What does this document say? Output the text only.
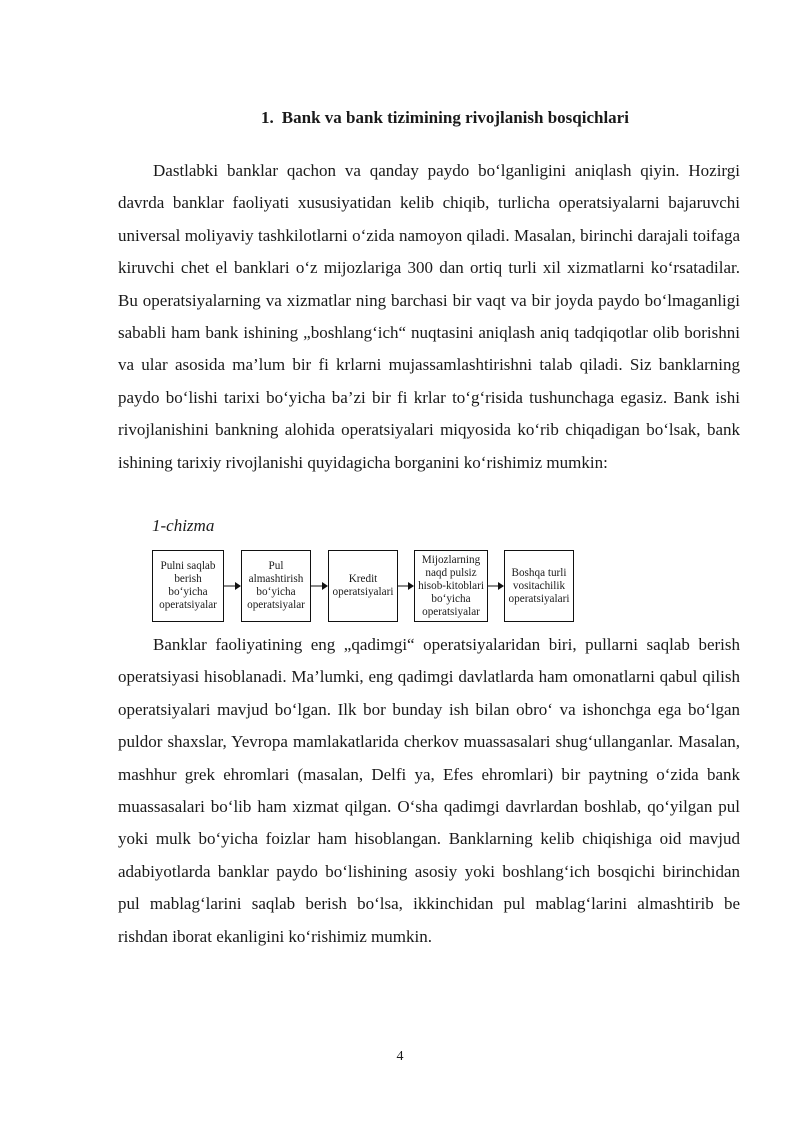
1. Bank va bank tizimining rivojlanish bosqichlari

Dastlabki banklar qachon va qanday paydo bo‘lganligini aniqlash qiyin. Hozirgi davrda banklar faoliyati xususiyatidan kelib chiqib, turlicha operatsiyalarni bajaruvchi universal moliyaviy tashkilotlarni o‘zida namoyon qiladi. Masalan, birinchi darajali toifaga kiruvchi chet el banklari o‘z mijozlariga 300 dan ortiq turli xil xizmatlarni ko‘rsatadilar. Bu operatsiyalarning va xizmatlar ning barchasi bir vaqt va bir joyda paydo bo‘lmaganligi sababli ham bank ishining „boshlang‘ich“ nuqtasini aniqlash aniq tadqiqotlar olib borishni va ular asosida ma’lum bir fi krlarni mujassamlashtirishni talab qiladi. Siz banklarning paydo bo‘lishi tarixi bo‘yicha ba’zi bir fi krlar to‘g‘risida tushunchaga egasiz. Bank ishi rivojlanishini bankning alohida operatsiyalari miqyosida ko‘rib chiqadigan bo‘lsak, bank ishining tarixiy rivojlanishi quyidagicha borganini ko‘rishimiz mumkin:

1-chizma
Pulni saqlab berish bo‘yicha operatsiyalar
Pul almashtirish bo‘yicha operatsiyalar
Kredit operatsiyalari
Mijozlarning naqd pulsiz hisob-kitoblari bo‘yicha operatsiyalar
Boshqa turli vositachilik operatsiyalari

Banklar faoliyatining eng „qadimgi“ operatsiyalaridan biri, pullarni saqlab berish operatsiyasi hisoblanadi. Ma’lumki, eng qadimgi davlatlarda ham omonatlarni qabul qilish operatsiyalari mavjud bo‘lgan. Ilk bor bunday ish bilan obro‘ va ishonchga ega bo‘lgan puldor shaxslar, Yevropa mamlakatlarida cherkov muassasalari shug‘ullanganlar. Masalan, mashhur grek ehromlari (masalan, Delfi ya, Efes ehromlari) bir paytning o‘zida bank muassasalari bo‘lib ham xizmat qilgan. O‘sha qadimgi davrlardan boshlab, qo‘yilgan pul yoki mulk bo‘yicha foizlar ham hisoblangan. Banklarning kelib chiqishiga oid mavjud adabiyotlarda banklar paydo bo‘lishining asosiy yoki boshlang‘ich bosqichi birinchidan pul mablag‘larini saqlab berish bo‘lsa, ikkinchidan pul mablag‘larini almashtirib be rishdan iborat ekanligini ko‘rishimiz mumkin.

4
